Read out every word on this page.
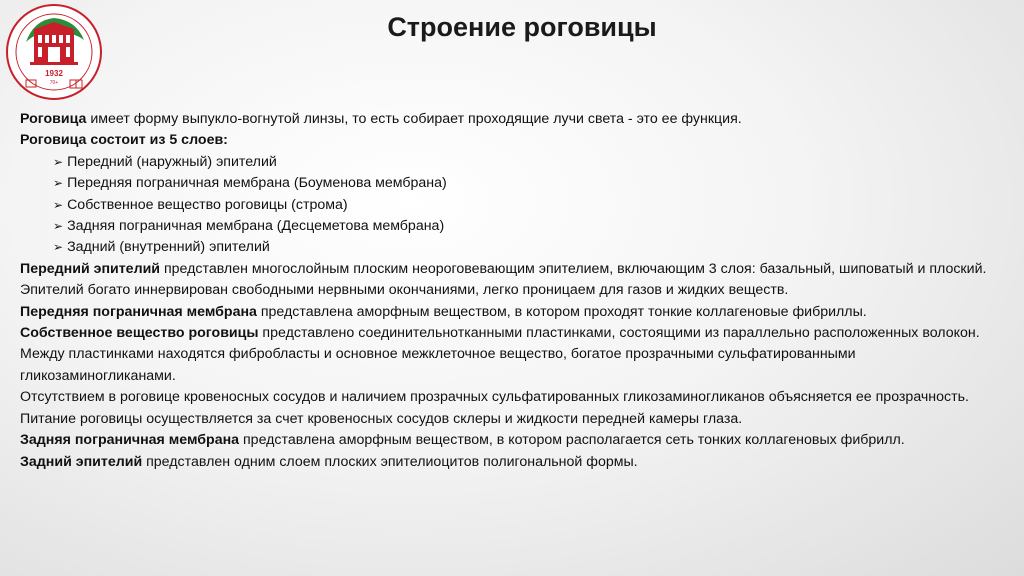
1932
70+
Строение роговицы

Роговица имеет форму выпукло-вогнутой линзы, то есть собирает проходящие лучи света - это ее функция.

Роговица состоит из 5 слоев:

➢ Передний (наружный) эпителий
➢ Передняя пограничная мембрана (Боуменова мембрана)
➢ Собственное вещество роговицы (строма)
➢ Задняя пограничная мембрана (Десцеметова мембрана)
➢ Задний (внутренний) эпителий

Передний эпителий представлен многослойным плоским неороговевающим эпителием, включающим 3 слоя: базальный, шиповатый и плоский. Эпителий богато иннервирован свободными нервными окончаниями, легко проницаем для газов и жидких веществ.

Передняя пограничная мембрана представлена аморфным веществом, в котором проходят тонкие коллагеновые фибриллы.

Собственное вещество роговицы представлено соединительнотканными пластинками, состоящими из параллельно расположенных волокон.

Между пластинками находятся фибробласты и основное межклеточное вещество, богатое прозрачными сульфатированными гликозаминогликанами.

Отсутствием в роговице кровеносных сосудов и наличием прозрачных сульфатированных гликозаминогликанов объясняется ее прозрачность.

Питание роговицы осуществляется за счет кровеносных сосудов склеры и жидкости передней камеры глаза.

Задняя пограничная мембрана представлена аморфным веществом, в котором располагается сеть тонких коллагеновых фибрилл.

Задний эпителий представлен одним слоем плоских эпителиоцитов полигональной формы.
